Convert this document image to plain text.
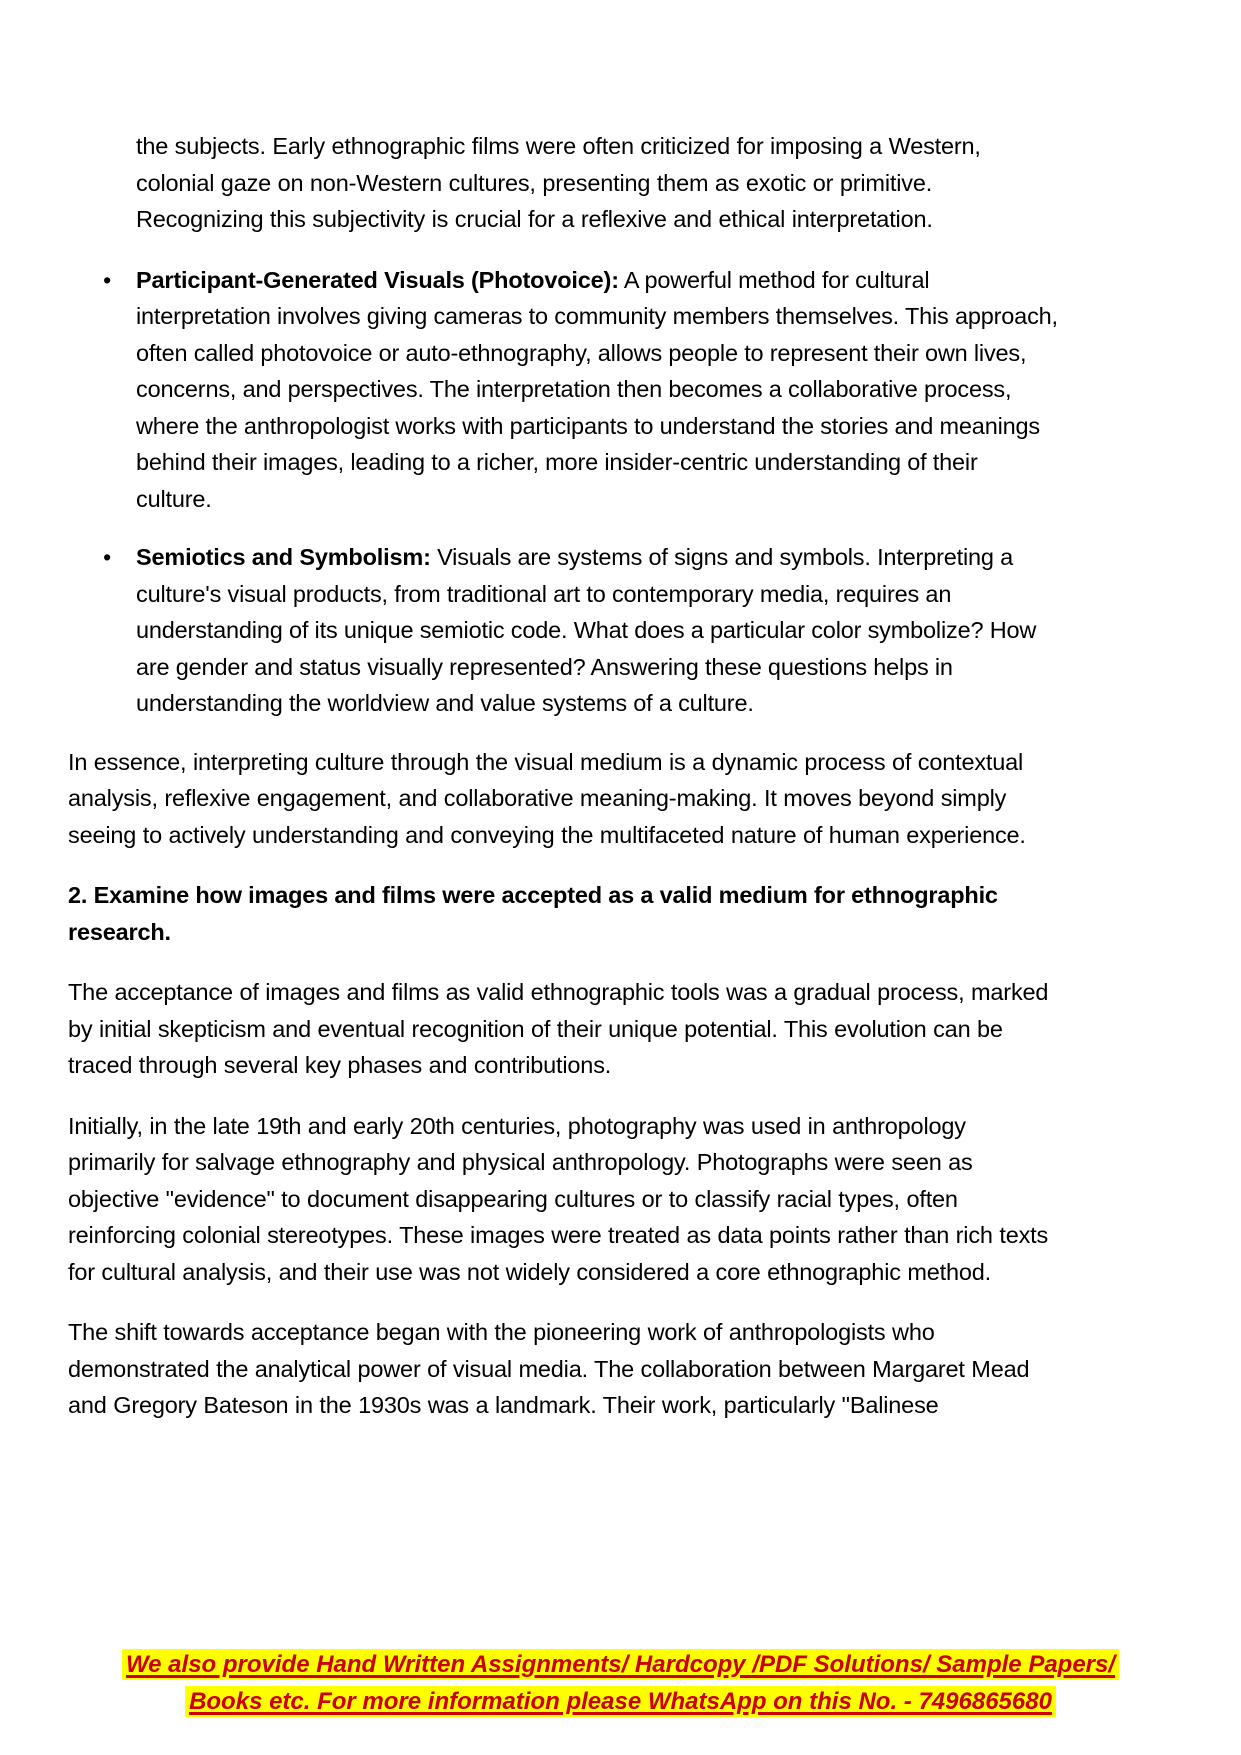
the subjects. Early ethnographic films were often criticized for imposing a Western, colonial gaze on non-Western cultures, presenting them as exotic or primitive. Recognizing this subjectivity is crucial for a reflexive and ethical interpretation.

• Participant-Generated Visuals (Photovoice): A powerful method for cultural interpretation involves giving cameras to community members themselves. This approach, often called photovoice or auto-ethnography, allows people to represent their own lives, concerns, and perspectives. The interpretation then becomes a collaborative process, where the anthropologist works with participants to understand the stories and meanings behind their images, leading to a richer, more insider-centric understanding of their culture.
• Semiotics and Symbolism: Visuals are systems of signs and symbols. Interpreting a culture's visual products, from traditional art to contemporary media, requires an understanding of its unique semiotic code. What does a particular color symbolize? How are gender and status visually represented? Answering these questions helps in understanding the worldview and value systems of a culture.

In essence, interpreting culture through the visual medium is a dynamic process of contextual analysis, reflexive engagement, and collaborative meaning-making. It moves beyond simply seeing to actively understanding and conveying the multifaceted nature of human experience.

2. Examine how images and films were accepted as a valid medium for ethnographic research.

The acceptance of images and films as valid ethnographic tools was a gradual process, marked by initial skepticism and eventual recognition of their unique potential. This evolution can be traced through several key phases and contributions.

Initially, in the late 19th and early 20th centuries, photography was used in anthropology primarily for salvage ethnography and physical anthropology. Photographs were seen as objective "evidence" to document disappearing cultures or to classify racial types, often reinforcing colonial stereotypes. These images were treated as data points rather than rich texts for cultural analysis, and their use was not widely considered a core ethnographic method.

The shift towards acceptance began with the pioneering work of anthropologists who demonstrated the analytical power of visual media. The collaboration between Margaret Mead and Gregory Bateson in the 1930s was a landmark. Their work, particularly "Balinese

We also provide Hand Written Assignments/ Hardcopy /PDF Solutions/ Sample Papers/
Books etc. For more information please WhatsApp on this No. - 7496865680
